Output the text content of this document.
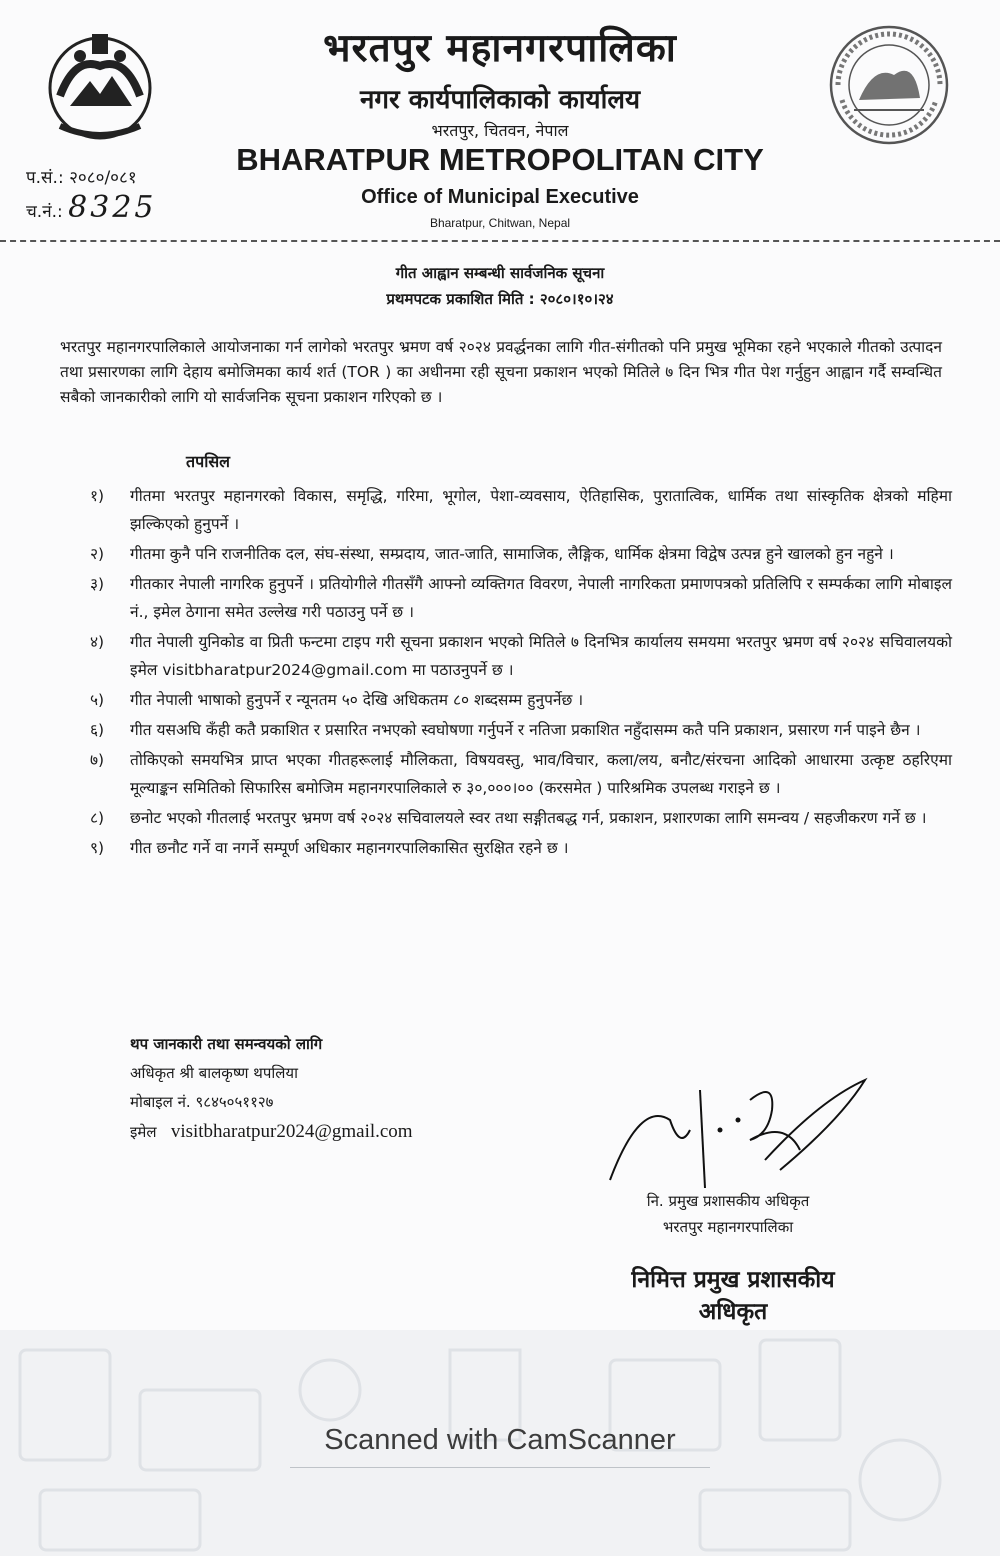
भरतपुर महानगरपालिका
नगर कार्यपालिकाको कार्यालय
भरतपुर, चितवन, नेपाल
BHARATPUR METROPOLITAN CITY
Office of Municipal Executive
Bharatpur, Chitwan, Nepal
प.सं.: २०८०/०८१
च.नं.: 8325
गीत आह्वान सम्बन्धी सार्वजनिक सूचना
प्रथमपटक प्रकाशित मिति : २०८०।१०।२४
भरतपुर महानगरपालिकाले आयोजनाका गर्न लागेको भरतपुर भ्रमण वर्ष २०२४ प्रवर्द्धनका लागि गीत-संगीतको पनि प्रमुख भूमिका रहने भएकाले गीतको उत्पादन तथा प्रसारणका लागि देहाय बमोजिमका कार्य शर्त (TOR ) का अधीनमा रही सूचना प्रकाशन भएको मितिले ७ दिन भित्र गीत पेश गर्नुहुन आह्वान गर्दै सम्वन्धित सबैको जानकारीको लागि यो सार्वजनिक सूचना प्रकाशन गरिएको छ ।
तपसिल
१)	गीतमा भरतपुर महानगरको विकास, समृद्धि, गरिमा, भूगोल, पेशा-व्यवसाय, ऐतिहासिक, पुरातात्विक, धार्मिक तथा सांस्कृतिक क्षेत्रको महिमा झल्किएको हुनुपर्ने ।
२)	गीतमा कुनै पनि राजनीतिक दल, संघ-संस्था, सम्प्रदाय, जात-जाति, सामाजिक, लैङ्गिक, धार्मिक क्षेत्रमा विद्वेष उत्पन्न हुने खालको हुन नहुने ।
३)	गीतकार नेपाली नागरिक हुनुपर्ने । प्रतियोगीले गीतसँगै आफ्नो व्यक्तिगत विवरण, नेपाली नागरिकता प्रमाणपत्रको प्रतिलिपि र सम्पर्कका लागि मोबाइल नं., इमेल ठेगाना समेत उल्लेख गरी पठाउनु पर्ने छ ।
४)	गीत नेपाली युनिकोड वा प्रिती फन्टमा टाइप गरी सूचना प्रकाशन भएको मितिले ७ दिनभित्र कार्यालय समयमा भरतपुर भ्रमण वर्ष २०२४ सचिवालयको इमेल visitbharatpur2024@gmail.com मा पठाउनुपर्ने छ ।
५)	गीत नेपाली भाषाको हुनुपर्ने र न्यूनतम ५० देखि अधिकतम ८० शब्दसम्म हुनुपर्नेछ ।
६)	गीत यसअघि कँही कतै प्रकाशित र प्रसारित नभएको स्वघोषणा गर्नुपर्ने र नतिजा प्रकाशित नहुँदासम्म कतै पनि प्रकाशन, प्रसारण गर्न पाइने छैन ।
७)	तोकिएको समयभित्र प्राप्त भएका गीतहरूलाई मौलिकता, विषयवस्तु, भाव/विचार, कला/लय, बनौट/संरचना आदिको आधारमा उत्कृष्ट ठहरिएमा मूल्याङ्कन समितिको सिफारिस बमोजिम महानगरपालिकाले रु ३०,०००।०० (करसमेत ) पारिश्रमिक उपलब्ध गराइने छ ।
८)	छनोट भएको गीतलाई भरतपुर भ्रमण वर्ष २०२४ सचिवालयले स्वर तथा सङ्गीतबद्ध गर्न, प्रकाशन, प्रशारणका लागि समन्वय / सहजीकरण गर्ने छ ।
९)	गीत छनौट गर्ने वा नगर्ने सम्पूर्ण अधिकार महानगरपालिकासित सुरक्षित रहने छ ।
थप जानकारी तथा समन्वयको लागि
अधिकृत श्री बालकृष्ण थपलिया
मोबाइल नं. ९८४५०५११२७
इमेल visitbharatpur2024@gmail.com
नि. प्रमुख प्रशासकीय अधिकृत
भरतपुर महानगरपालिका
निमित्त प्रमुख प्रशासकीय अधिकृत
Scanned with CamScanner
